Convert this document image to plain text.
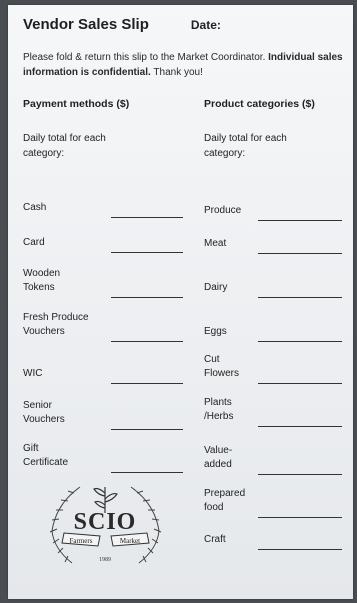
Vendor Sales Slip	Date:
Please fold & return this slip to the Market Coordinator. Individual sales information is confidential. Thank you!
Payment methods ($)
Daily total for each category:
Cash
Card
Wooden
Tokens
Fresh Produce
Vouchers
WIC
Senior
Vouchers
Gift
Certificate
Produce
Meat
Dairy
Eggs
Cut
Flowers
Plants
/Herbs
Value-
added
Prepared
food
Craft
Product categories ($)
Daily total for each category:
SCIO
Farmers	Market
1989
